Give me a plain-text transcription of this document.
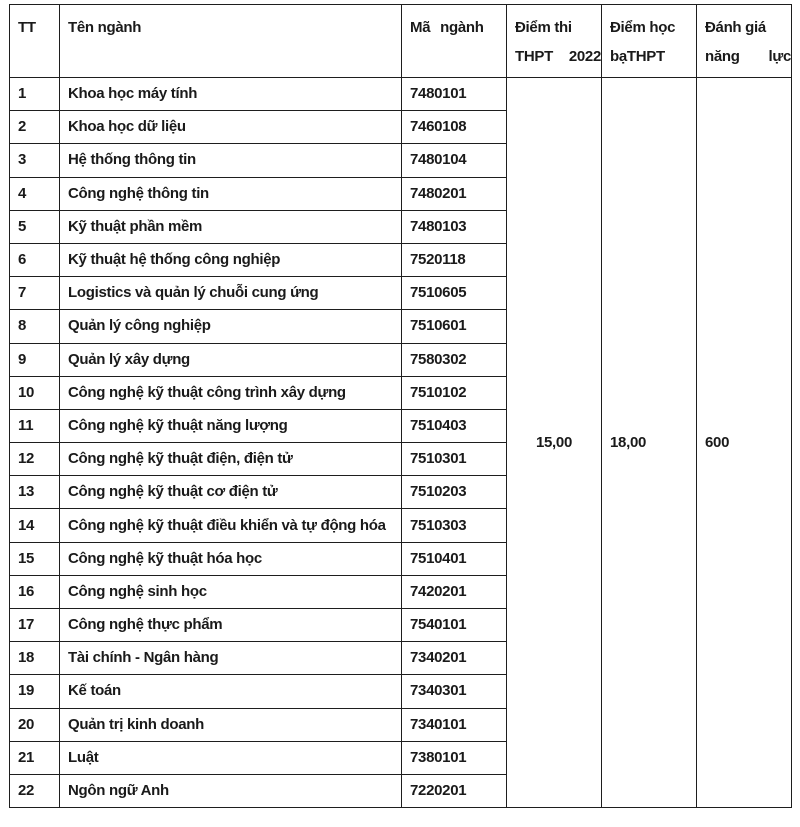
TT	Tên ngành	Mã ngành	Điểm thi THPT 2022	Điểm học bạTHPT	Đánh giá năng lực
1	Khoa học máy tính	7480101	15,00	18,00	600
2	Khoa học dữ liệu	7460108			
3	Hệ thống thông tin	7480104			
4	Công nghệ thông tin	7480201			
5	Kỹ thuật phần mềm	7480103			
6	Kỹ thuật hệ thống công nghiệp	7520118			
7	Logistics và quản lý chuỗi cung ứng	7510605			
8	Quản lý công nghiệp	7510601			
9	Quản lý xây dựng	7580302			
10	Công nghệ kỹ thuật công trình xây dựng	7510102			
11	Công nghệ kỹ thuật năng lượng	7510403			
12	Công nghệ kỹ thuật điện, điện tử	7510301			
13	Công nghệ kỹ thuật cơ điện tử	7510203			
14	Công nghệ kỹ thuật điều khiển và tự động hóa	7510303			
15	Công nghệ kỹ thuật hóa học	7510401			
16	Công nghệ sinh học	7420201			
17	Công nghệ thực phẩm	7540101			
18	Tài chính - Ngân hàng	7340201			
19	Kế toán	7340301			
20	Quản trị kinh doanh	7340101			
21	Luật	7380101			
22	Ngôn ngữ Anh	7220201			
